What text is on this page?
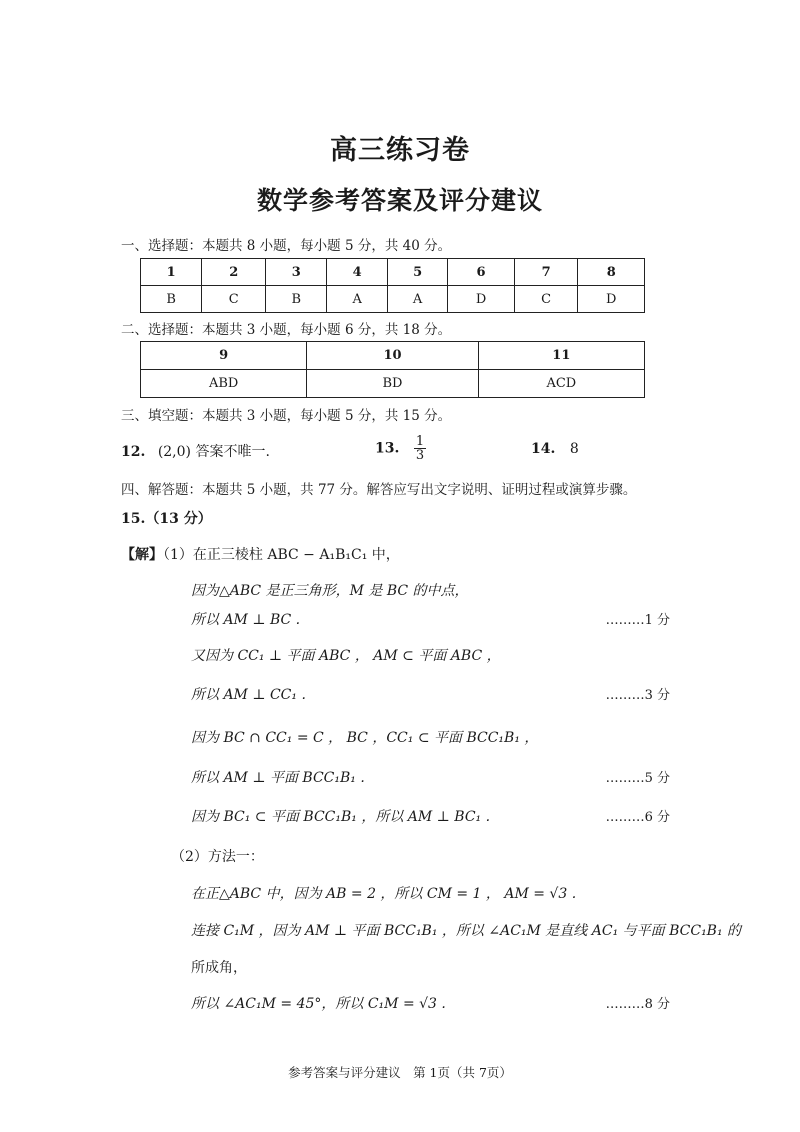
高三练习卷
数学参考答案及评分建议
一、选择题：本题共 8 小题，每小题 5 分，共 40 分。
1	2	3	4	5	6	7	8
B	C	B	A	A	D	C	D
二、选择题：本题共 3 小题，每小题 6 分，共 18 分。
9	10	11
ABD	BD	ACD
三、填空题：本题共 3 小题，每小题 5 分，共 15 分。
12. (2,0) 答案不唯一.	13. $\frac{1}{3}$	14. 8
四、解答题：本题共 5 小题，共 77 分。解答应写出文字说明、证明过程或演算步骤。
15.（13 分）
【解】（1）在正三棱柱 ABC − A₁B₁C₁ 中，
因为△ABC 是正三角形，M 是 BC 的中点，
所以 AM ⊥ BC .	………1 分
又因为 CC₁ ⊥ 平面 ABC ， AM ⊂ 平面 ABC ，
所以 AM ⊥ CC₁ .	………3 分
因为 BC ∩ CC₁ = C ， BC ，CC₁ ⊂ 平面 BCC₁B₁ ，
所以 AM ⊥ 平面 BCC₁B₁ .	………5 分
因为 BC₁ ⊂ 平面 BCC₁B₁ ，所以 AM ⊥ BC₁ .	………6 分
（2）方法一：
在正△ABC 中，因为 AB = 2 ，所以 CM = 1 ， AM = √3 .
连接 C₁M ，因为 AM ⊥ 平面 BCC₁B₁ ，所以 ∠AC₁M 是直线 AC₁ 与平面 BCC₁B₁ 的
所成角，
所以 ∠AC₁M = 45°，所以 C₁M = √3 .	………8 分
参考答案与评分建议　第 1页（共 7页）
